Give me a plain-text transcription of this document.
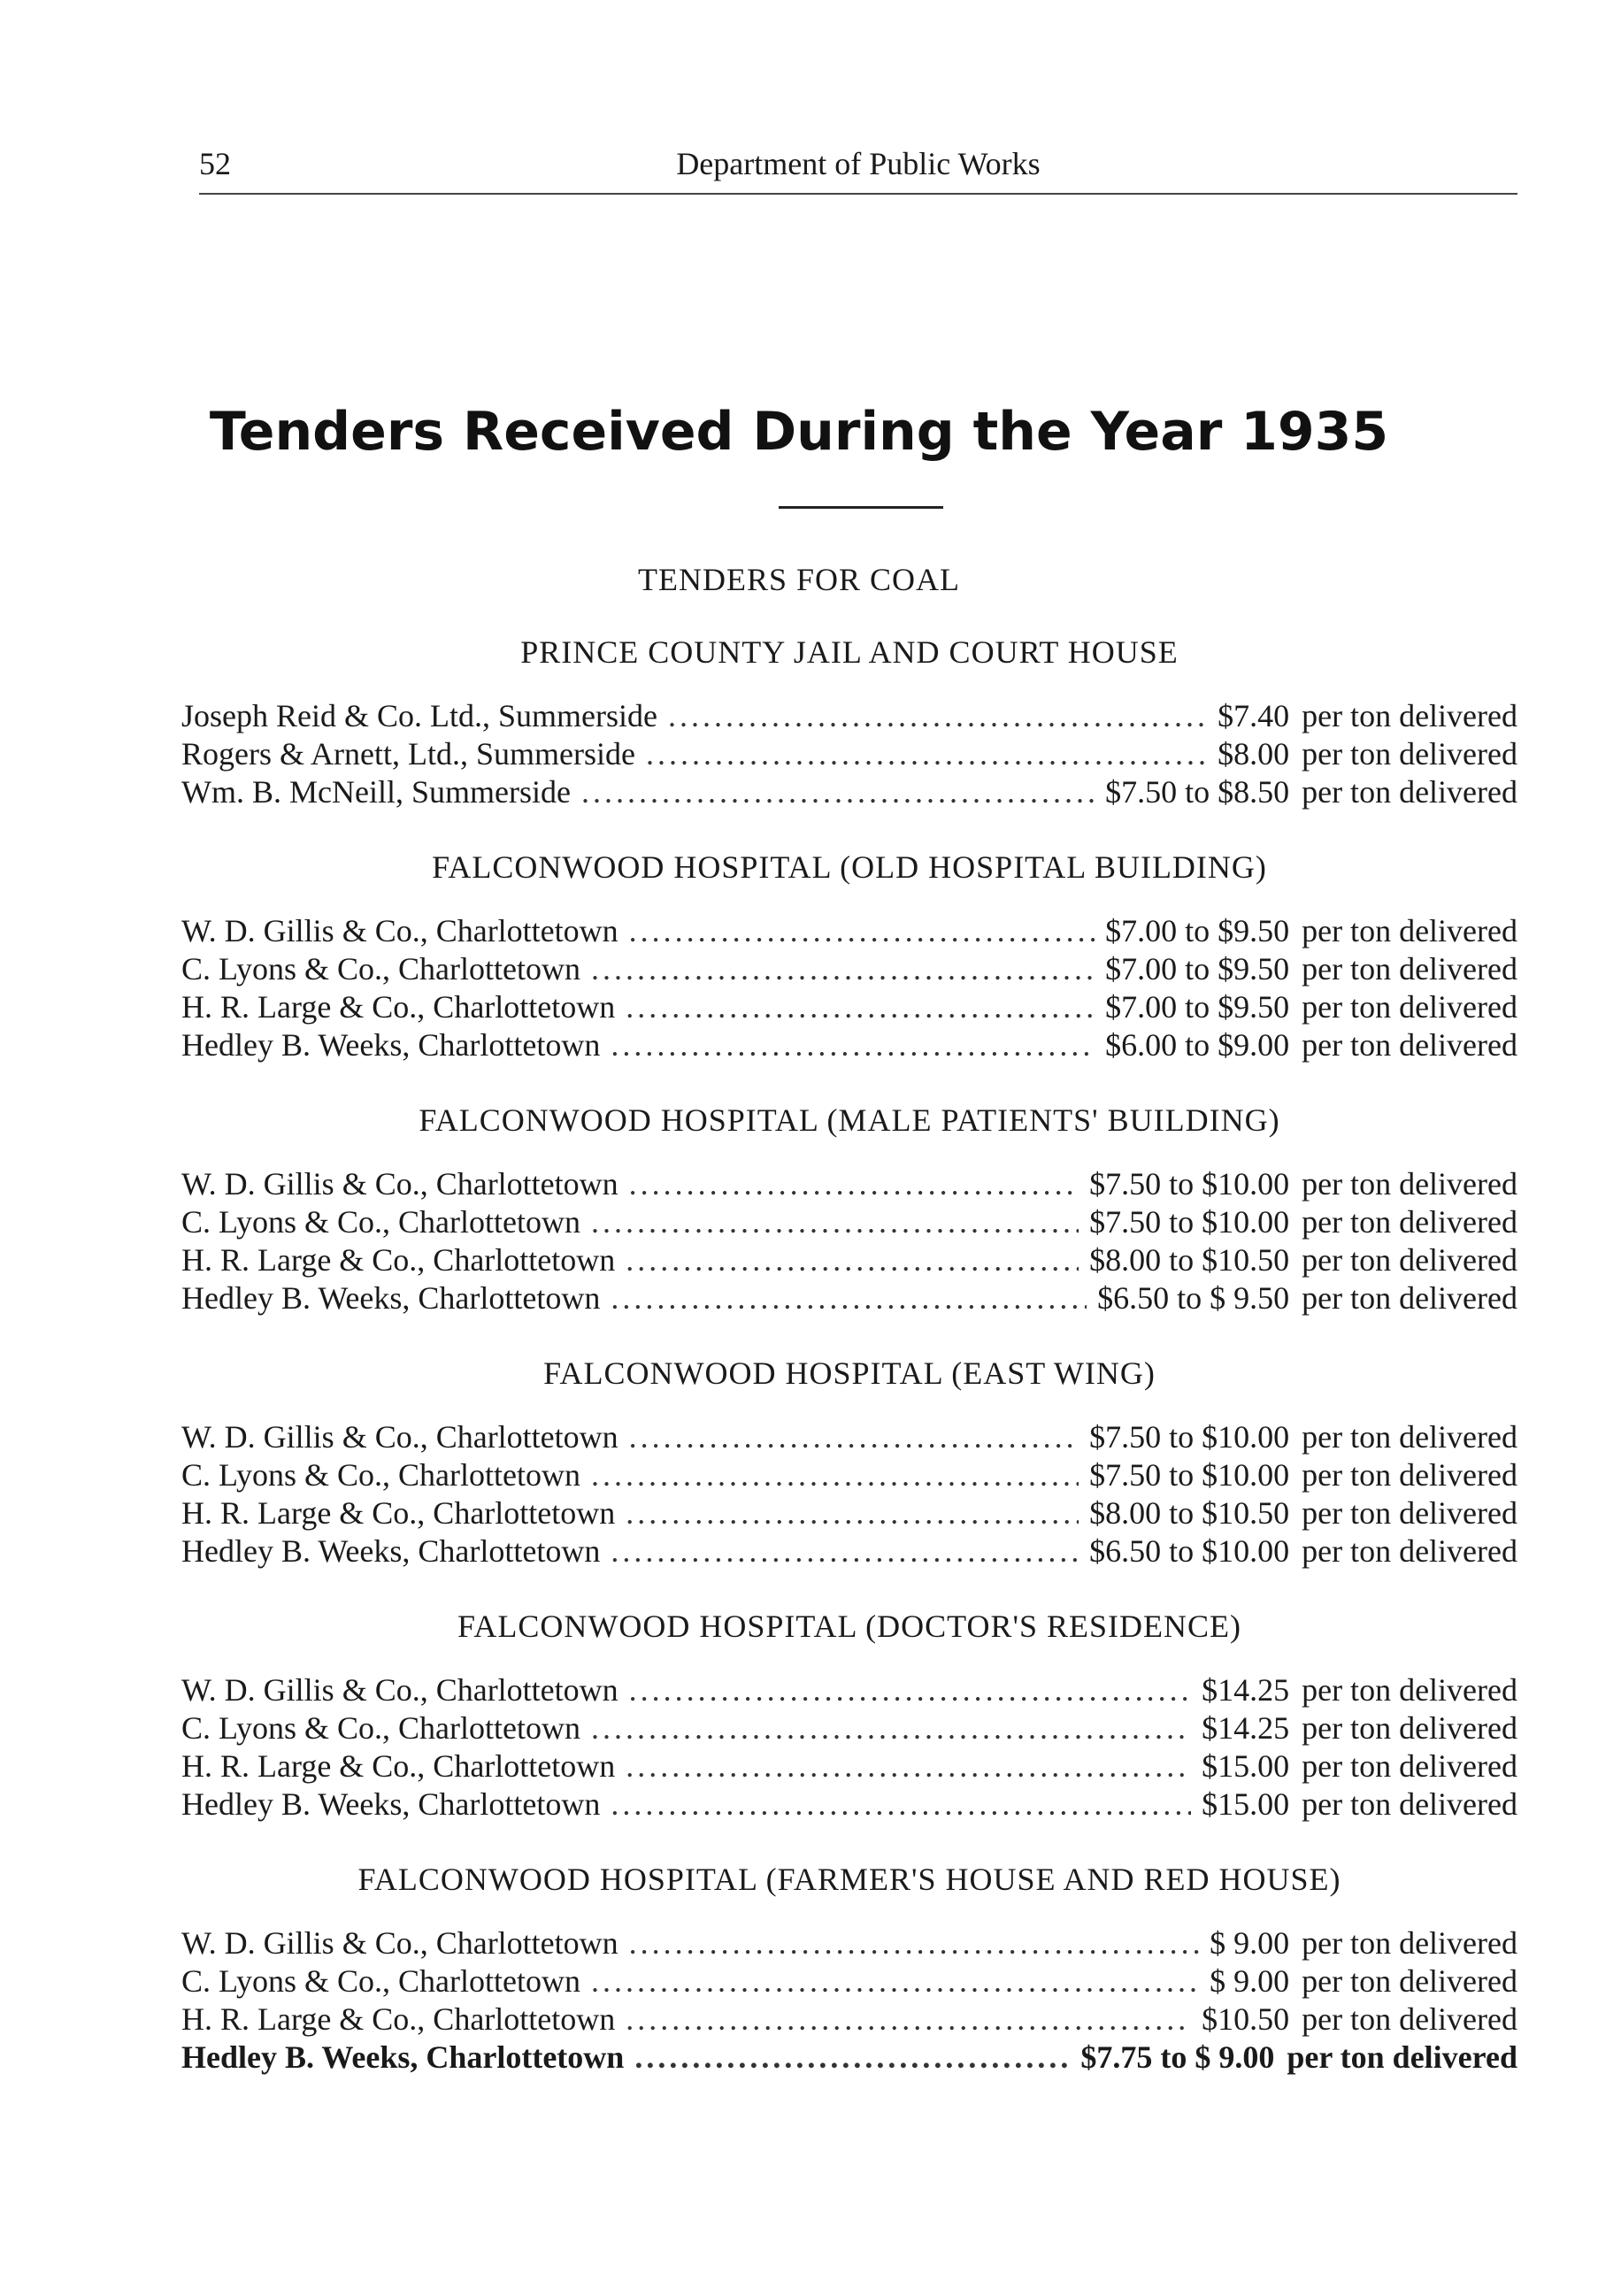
52	Department of Public Works
Tenders Received During the Year 1935
TENDERS FOR COAL
PRINCE COUNTY JAIL AND COURT HOUSE
Joseph Reid & Co. Ltd., Summerside .....	$7.40 per ton delivered
Rogers & Arnett, Ltd., Summerside .....	$8.00 per ton delivered
Wm. B. McNeill, Summerside .....	$7.50 to $8.50 per ton delivered
FALCONWOOD HOSPITAL (OLD HOSPITAL BUILDING)
W. D. Gillis & Co., Charlottetown .....	$7.00 to $9.50 per ton delivered
C. Lyons & Co., Charlottetown .....	$7.00 to $9.50 per ton delivered
H. R. Large & Co., Charlottetown .....	$7.00 to $9.50 per ton delivered
Hedley B. Weeks, Charlottetown .....	$6.00 to $9.00 per ton delivered
FALCONWOOD HOSPITAL (MALE PATIENTS' BUILDING)
W. D. Gillis & Co., Charlottetown .....	$7.50 to $10.00 per ton delivered
C. Lyons & Co., Charlottetown .....	$7.50 to $10.00 per ton delivered
H. R. Large & Co., Charlottetown .....	$8.00 to $10.50 per ton delivered
Hedley B. Weeks, Charlottetown .....	$6.50 to $ 9.50 per ton delivered
FALCONWOOD HOSPITAL (EAST WING)
W. D. Gillis & Co., Charlottetown .....	$7.50 to $10.00 per ton delivered
C. Lyons & Co., Charlottetown .....	$7.50 to $10.00 per ton delivered
H. R. Large & Co., Charlottetown .....	$8.00 to $10.50 per ton delivered
Hedley B. Weeks, Charlottetown .....	$6.50 to $10.00 per ton delivered
FALCONWOOD HOSPITAL (DOCTOR'S RESIDENCE)
W. D. Gillis & Co., Charlottetown .....	$14.25 per ton delivered
C. Lyons & Co., Charlottetown .....	$14.25 per ton delivered
H. R. Large & Co., Charlottetown .....	$15.00 per ton delivered
Hedley B. Weeks, Charlottetown .....	$15.00 per ton delivered
FALCONWOOD HOSPITAL (FARMER'S HOUSE AND RED HOUSE)
W. D. Gillis & Co., Charlottetown .....	$ 9.00 per ton delivered
C. Lyons & Co., Charlottetown .....	$ 9.00 per ton delivered
H. R. Large & Co., Charlottetown .....	$10.50 per ton delivered
Hedley B. Weeks, Charlottetown .....	$7.75 to $ 9.00 per ton delivered
